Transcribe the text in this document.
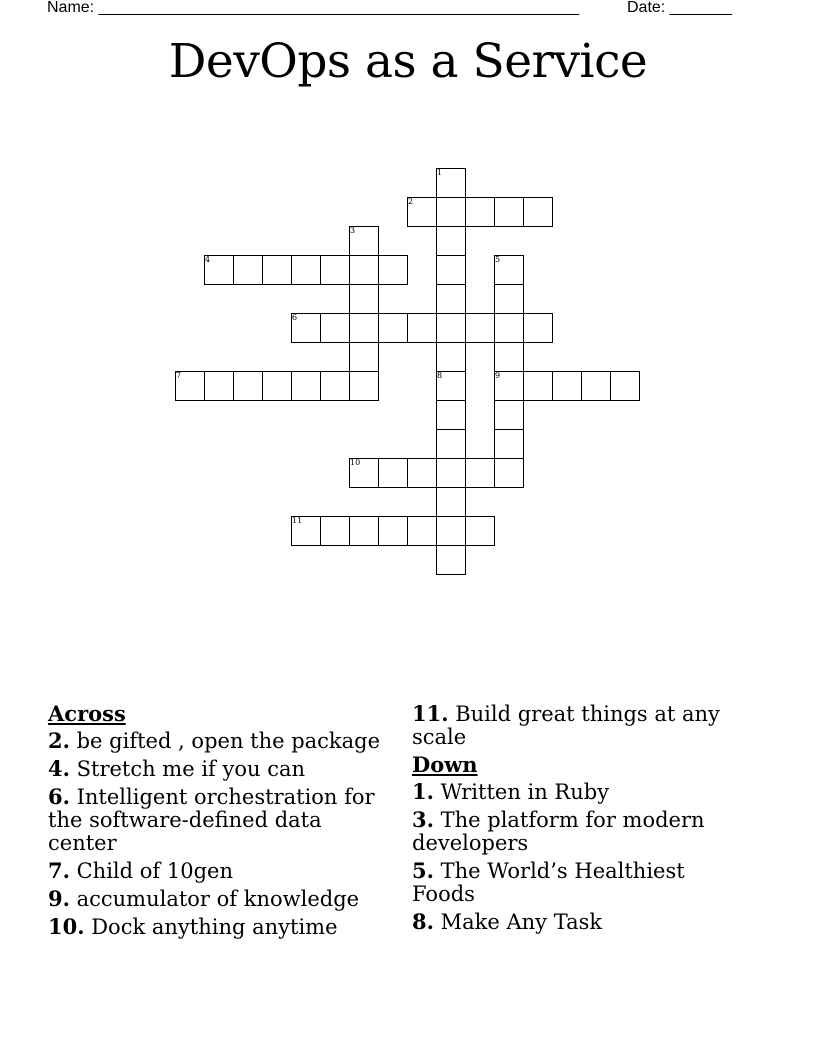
Name: ______________________________________________________	Date: _______
DevOps as a Service
1
2
3
4	5
9
6
7	8
10
11
Across
2. be gifted , open the package
4. Stretch me if you can
6. Intelligent orchestration for the software-defined data center
7. Child of 10gen
9. accumulator of knowledge
10. Dock anything anytime
11. Build great things at any scale
Down
1. Written in Ruby
3. The platform for modern developers
5. The World’s Healthiest Foods
8. Make Any Task
